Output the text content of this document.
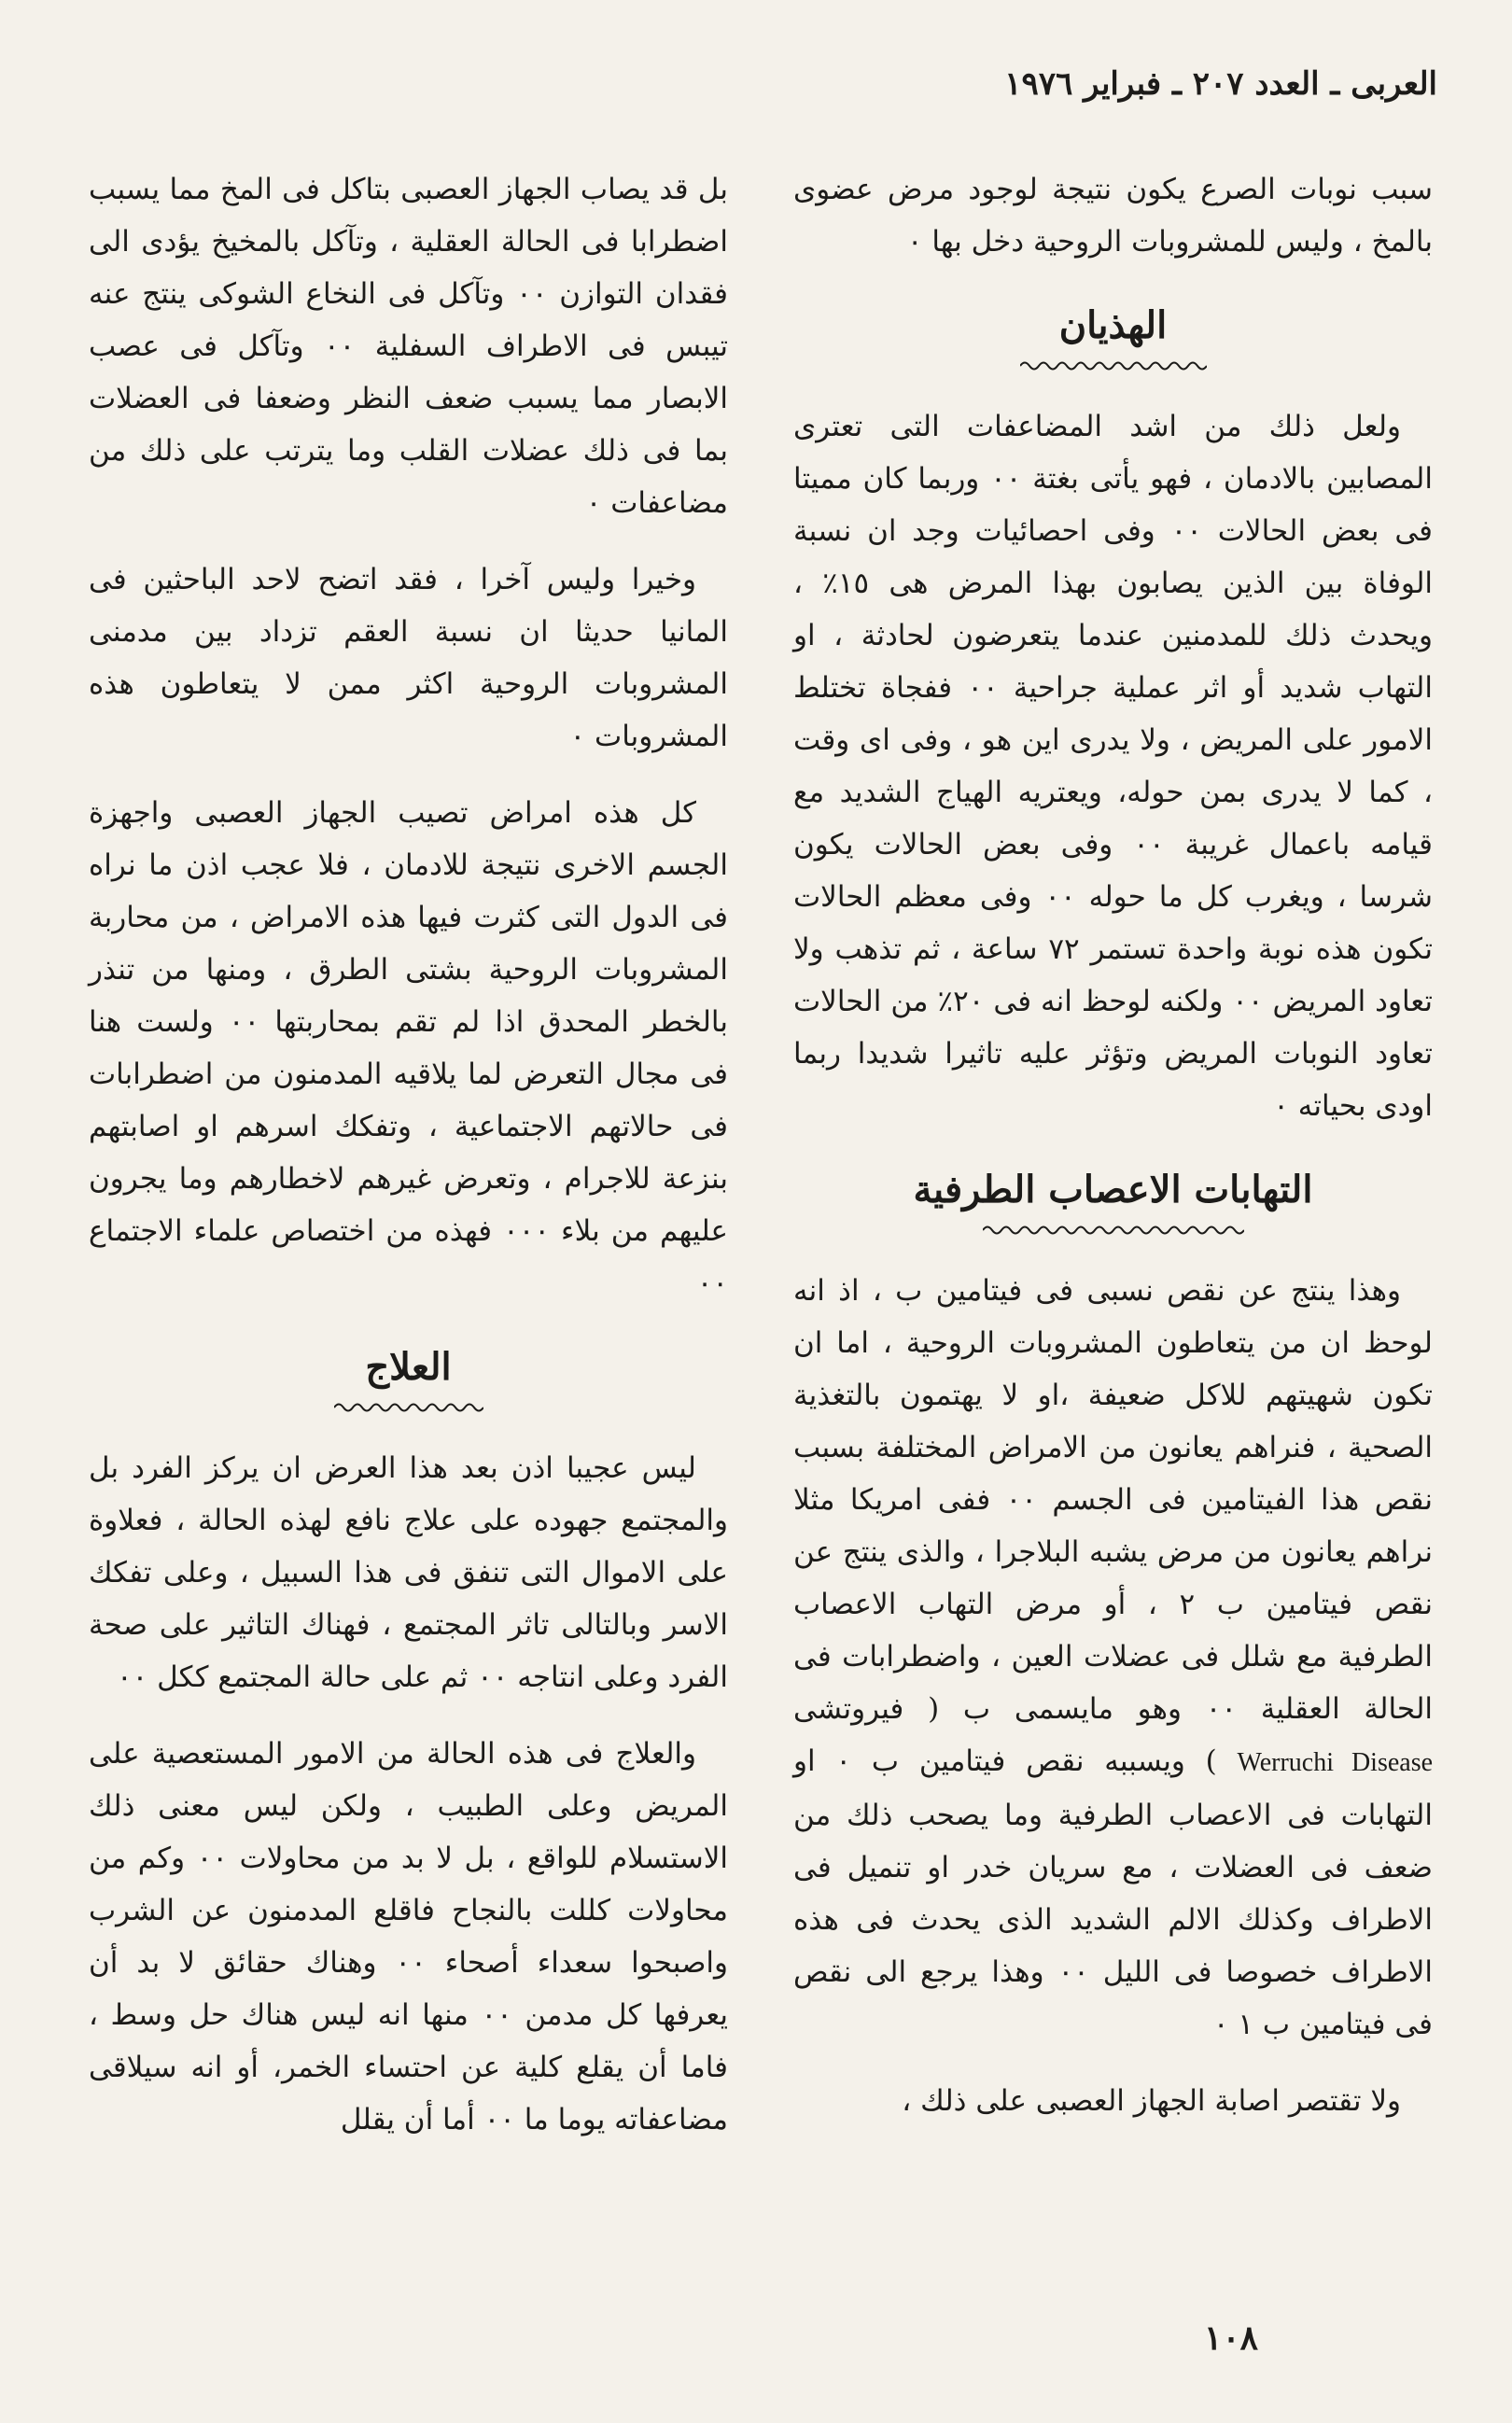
العربى ـ العدد ٢٠٧ ـ فبراير ١٩٧٦

سبب نوبات الصرع يكون نتيجة لوجود مرض عضوى بالمخ ، وليس للمشروبات الروحية دخل بها ٠

الهذيان

ولعل ذلك من اشد المضاعفات التى تعترى المصابين بالادمان ، فهو يأتى بغتة ٠٠ وربما كان مميتا فى بعض الحالات ٠٠ وفى احصائيات وجد ان نسبة الوفاة بين الذين يصابون بهذا المرض هى ١٥٪ ، ويحدث ذلك للمدمنين عندما يتعرضون لحادثة ، او التهاب شديد أو اثر عملية جراحية ٠٠ ففجاة تختلط الامور على المريض ، ولا يدرى اين هو ، وفى اى وقت ، كما لا يدرى بمن حوله، ويعتريه الهياج الشديد مع قيامه باعمال غريبة ٠٠ وفى بعض الحالات يكون شرسا ، ويغرب كل ما حوله ٠٠ وفى معظم الحالات تكون هذه نوبة واحدة تستمر ٧٢ ساعة ، ثم تذهب ولا تعاود المريض ٠٠ ولكنه لوحظ انه فى ٢٠٪ من الحالات تعاود النوبات المريض وتؤثر عليه تاثيرا شديدا ربما اودى بحياته ٠

التهابات الاعصاب الطرفية

وهذا ينتج عن نقص نسبى فى فيتامين ب ، اذ انه لوحظ ان من يتعاطون المشروبات الروحية ، اما ان تكون شهيتهم للاكل ضعيفة ،او لا يهتمون بالتغذية الصحية ، فنراهم يعانون من الامراض المختلفة بسبب نقص هذا الفيتامين فى الجسم ٠٠ ففى امريكا مثلا نراهم يعانون من مرض يشبه البلاجرا ، والذى ينتج عن نقص فيتامين ب ٢ ، أو مرض التهاب الاعصاب الطرفية مع شلل فى عضلات العين ، واضطرابات فى الحالة العقلية ٠٠ وهو مايسمى ب ( فيروتشى Werruchi Disease ) ويسببه نقص فيتامين ب ٠ او التهابات فى الاعصاب الطرفية وما يصحب ذلك من ضعف فى العضلات ، مع سريان خدر او تنميل فى الاطراف وكذلك الالم الشديد الذى يحدث فى هذه الاطراف خصوصا فى الليل ٠٠ وهذا يرجع الى نقص فى فيتامين ب ١ ٠

ولا تقتصر اصابة الجهاز العصبى على ذلك ،

بل قد يصاب الجهاز العصبى بتاكل فى المخ مما يسبب اضطرابا فى الحالة العقلية ، وتآكل بالمخيخ يؤدى الى فقدان التوازن ٠٠ وتآكل فى النخاع الشوكى ينتج عنه تيبس فى الاطراف السفلية ٠٠ وتآكل فى عصب الابصار مما يسبب ضعف النظر وضعفا فى العضلات بما فى ذلك عضلات القلب وما يترتب على ذلك من مضاعفات ٠

وخيرا وليس آخرا ، فقد اتضح لاحد الباحثين فى المانيا حديثا ان نسبة العقم تزداد بين مدمنى المشروبات الروحية اكثر ممن لا يتعاطون هذه المشروبات ٠

كل هذه امراض تصيب الجهاز العصبى واجهزة الجسم الاخرى نتيجة للادمان ، فلا عجب اذن ما نراه فى الدول التى كثرت فيها هذه الامراض ، من محاربة المشروبات الروحية بشتى الطرق ، ومنها من تنذر بالخطر المحدق اذا لم تقم بمحاربتها ٠٠ ولست هنا فى مجال التعرض لما يلاقيه المدمنون من اضطرابات فى حالاتهم الاجتماعية ، وتفكك اسرهم او اصابتهم بنزعة للاجرام ، وتعرض غيرهم لاخطارهم وما يجرون عليهم من بلاء ٠٠٠ فهذه من اختصاص علماء الاجتماع ٠٠

العلاج

ليس عجيبا اذن بعد هذا العرض ان يركز الفرد بل والمجتمع جهوده على علاج نافع لهذه الحالة ، فعلاوة على الاموال التى تنفق فى هذا السبيل ، وعلى تفكك الاسر وبالتالى تاثر المجتمع ، فهناك التاثير على صحة الفرد وعلى انتاجه ٠٠ ثم على حالة المجتمع ككل ٠٠

والعلاج فى هذه الحالة من الامور المستعصية على المريض وعلى الطبيب ، ولكن ليس معنى ذلك الاستسلام للواقع ، بل لا بد من محاولات ٠٠ وكم من محاولات كللت بالنجاح فاقلع المدمنون عن الشرب واصبحوا سعداء أصحاء ٠٠ وهناك حقائق لا بد أن يعرفها كل مدمن ٠٠ منها انه ليس هناك حل وسط ، فاما أن يقلع كلية عن احتساء الخمر، أو انه سيلاقى مضاعفاته يوما ما ٠٠ أما أن يقلل

١٠٨
